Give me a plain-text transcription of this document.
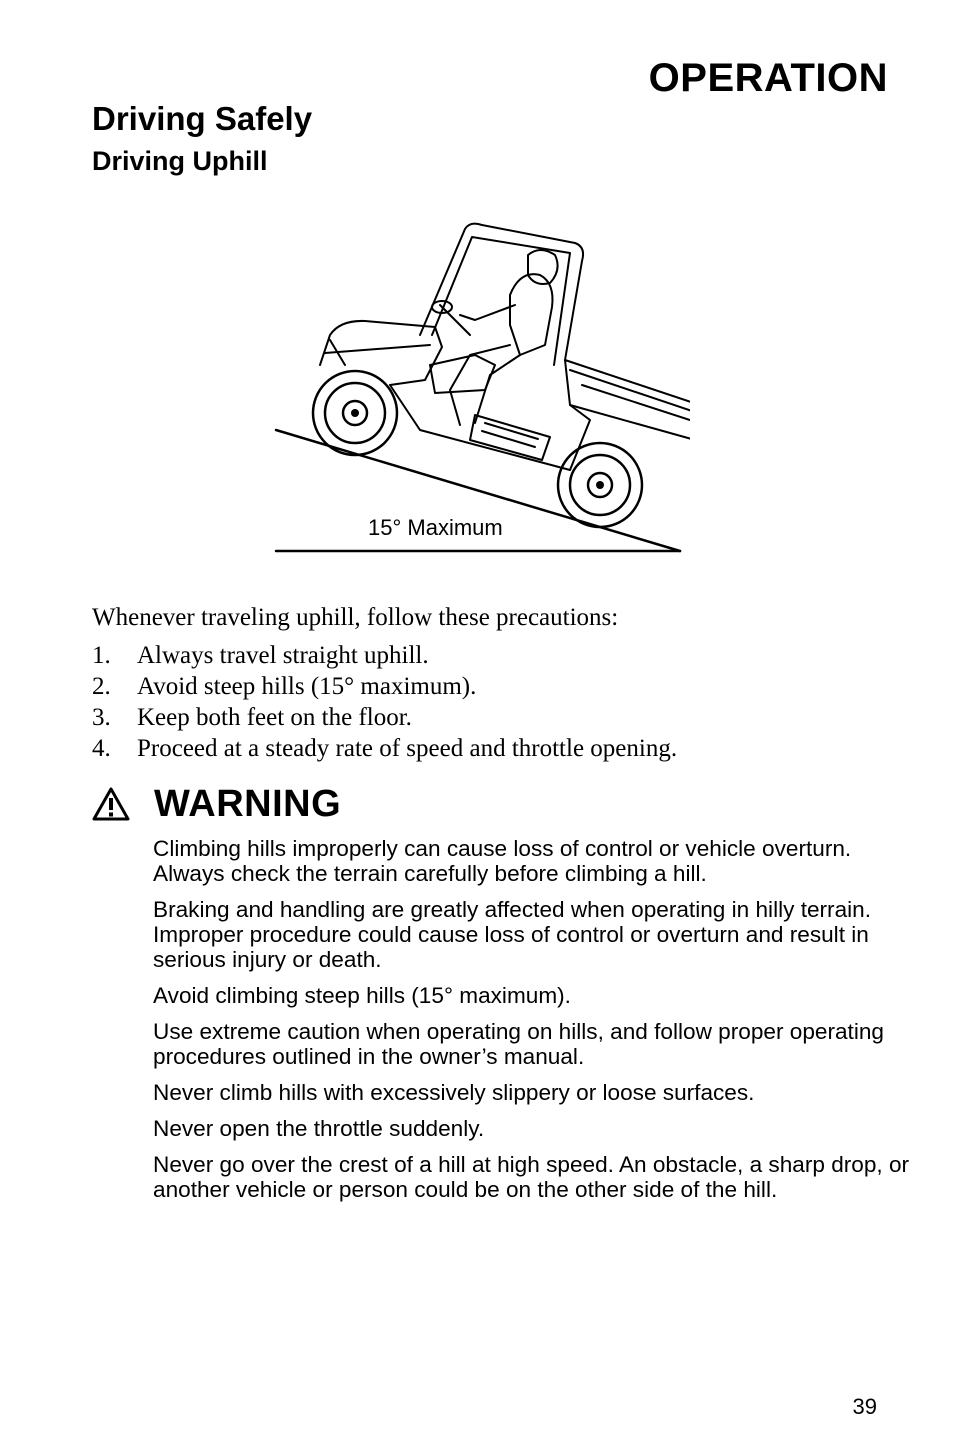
OPERATION
Driving Safely
Driving Uphill
15° Maximum
Whenever traveling uphill, follow these precautions:
1. Always travel straight uphill.
2. Avoid steep hills (15° maximum).
3. Keep both feet on the floor.
4. Proceed at a steady rate of speed and throttle opening.
WARNING

Climbing hills improperly can cause loss of control or vehicle overturn. Always check the terrain carefully before climbing a hill.

Braking and handling are greatly affected when operating in hilly terrain. Improper procedure could cause loss of control or overturn and result in serious injury or death.

Avoid climbing steep hills (15° maximum).

Use extreme caution when operating on hills, and follow proper operating procedures outlined in the owner’s manual.

Never climb hills with excessively slippery or loose surfaces.

Never open the throttle suddenly.

Never go over the crest of a hill at high speed. An obstacle, a sharp drop, or another vehicle or person could be on the other side of the hill.

39
